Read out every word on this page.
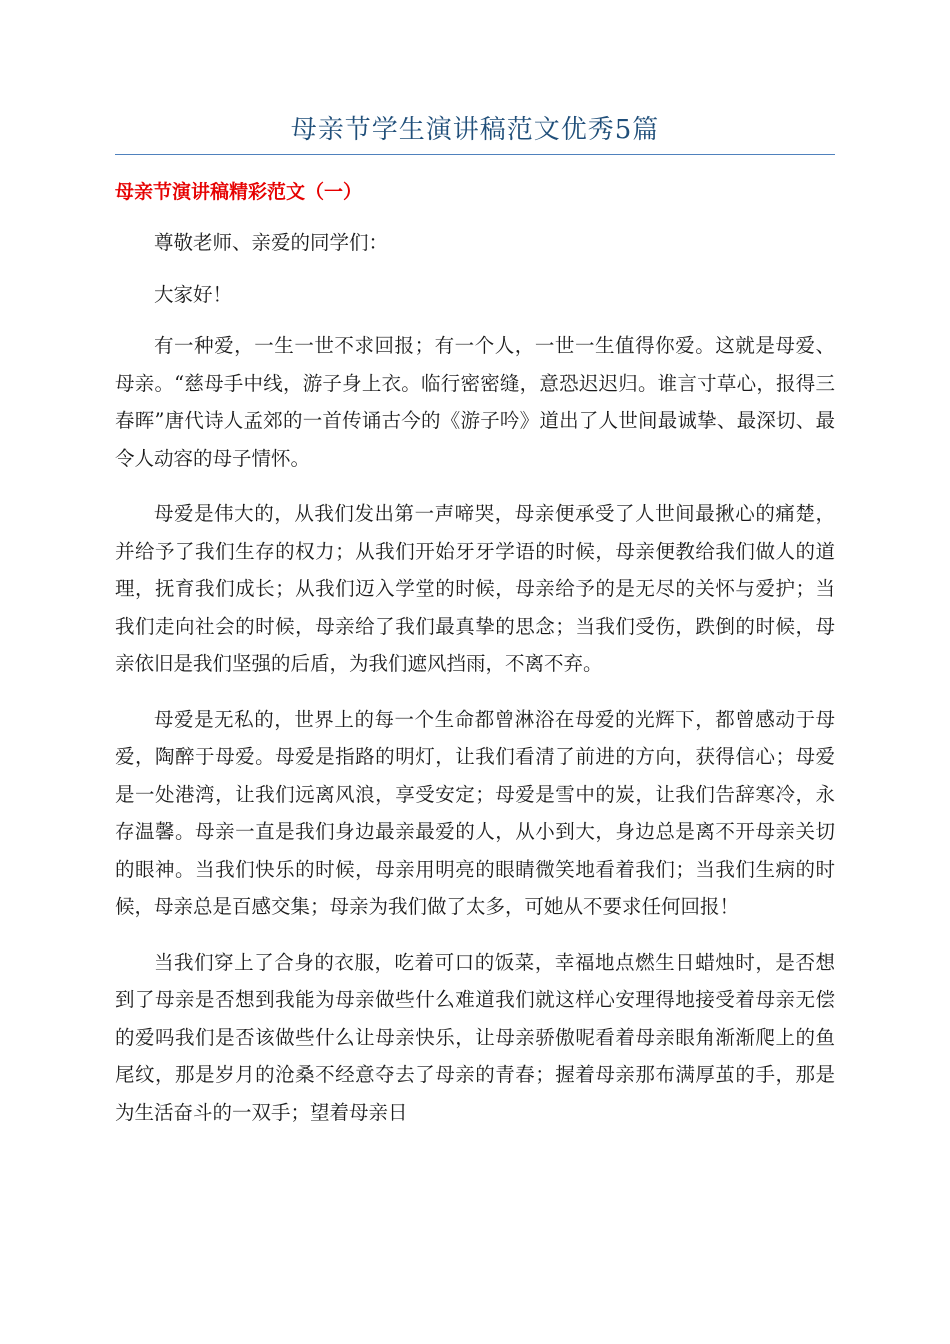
母亲节学生演讲稿范文优秀5篇
母亲节演讲稿精彩范文（一）

尊敬老师、亲爱的同学们：

大家好！

有一种爱，一生一世不求回报；有一个人，一世一生值得你爱。这就是母爱、母亲。“慈母手中线，游子身上衣。临行密密缝，意恐迟迟归。谁言寸草心，报得三春晖”唐代诗人孟郊的一首传诵古今的《游子吟》道出了人世间最诚挚、最深切、最令人动容的母子情怀。

母爱是伟大的，从我们发出第一声啼哭，母亲便承受了人世间最揪心的痛楚，并给予了我们生存的权力；从我们开始牙牙学语的时候，母亲便教给我们做人的道理，抚育我们成长；从我们迈入学堂的时候，母亲给予的是无尽的关怀与爱护；当我们走向社会的时候，母亲给了我们最真挚的思念；当我们受伤，跌倒的时候，母亲依旧是我们坚强的后盾，为我们遮风挡雨，不离不弃。

母爱是无私的，世界上的每一个生命都曾淋浴在母爱的光辉下，都曾感动于母爱，陶醉于母爱。母爱是指路的明灯，让我们看清了前进的方向，获得信心；母爱是一处港湾，让我们远离风浪，享受安定；母爱是雪中的炭，让我们告辞寒冷，永存温馨。母亲一直是我们身边最亲最爱的人，从小到大，身边总是离不开母亲关切的眼神。当我们快乐的时候，母亲用明亮的眼睛微笑地看着我们；当我们生病的时候，母亲总是百感交集；母亲为我们做了太多，可她从不要求任何回报！

当我们穿上了合身的衣服，吃着可口的饭菜，幸福地点燃生日蜡烛时，是否想到了母亲是否想到我能为母亲做些什么难道我们就这样心安理得地接受着母亲无偿的爱吗我们是否该做些什么让母亲快乐，让母亲骄傲呢看着母亲眼角渐渐爬上的鱼尾纹，那是岁月的沧桑不经意夺去了母亲的青春；握着母亲那布满厚茧的手，那是为生活奋斗的一双手；望着母亲日
